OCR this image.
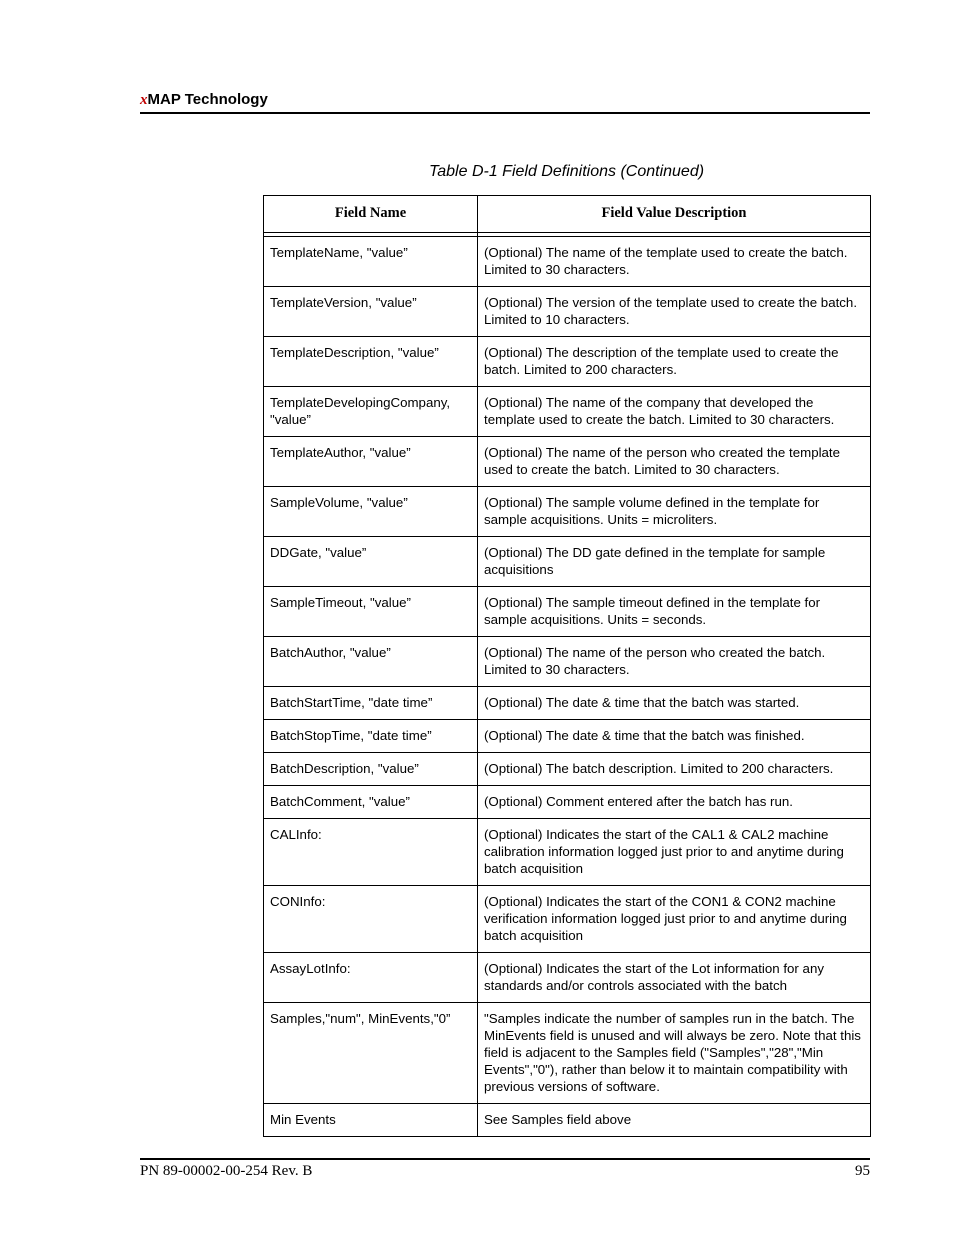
xMAP Technology
Table D-1 Field Definitions (Continued)
Field Name	Field Value Description

TemplateName, "value”	(Optional) The name of the template used to create the batch. Limited to 30 characters.
TemplateVersion, "value”	(Optional) The version of the template used to create the batch. Limited to 10 characters.
TemplateDescription, "value”	(Optional) The description of the template used to create the batch. Limited to 200 characters.
TemplateDevelopingCompany, "value”	(Optional) The name of the company that developed the template used to create the batch. Limited to 30 characters.
TemplateAuthor, "value”	(Optional) The name of the person who created the template used to create the batch. Limited to 30 characters.
SampleVolume, "value”	(Optional) The sample volume defined in the template for sample acquisitions. Units = microliters.
DDGate, "value”	(Optional) The DD gate defined in the template for sample acquisitions
SampleTimeout, "value”	(Optional) The sample timeout defined in the template for sample acquisitions. Units = seconds.
BatchAuthor, "value”	(Optional) The name of the person who created the batch. Limited to 30 characters.
BatchStartTime, "date time”	(Optional) The date & time that the batch was started.
BatchStopTime, "date time”	(Optional) The date & time that the batch was finished.
BatchDescription, "value”	(Optional) The batch description. Limited to 200 characters.
BatchComment, "value”	(Optional) Comment entered after the batch has run.
CALInfo:	(Optional) Indicates the start of the CAL1 & CAL2 machine calibration information logged just prior to and anytime during batch acquisition
CONInfo:	(Optional) Indicates the start of the CON1 & CON2 machine verification information logged just prior to and anytime during batch acquisition
AssayLotInfo:	(Optional) Indicates the start of the Lot information for any standards and/or controls associated with the batch
Samples,"num", MinEvents,"0”	"Samples indicate the number of samples run in the batch. The MinEvents field is unused and will always be zero. Note that this field is adjacent to the Samples field ("Samples","28","Min Events","0"), rather than below it to maintain compatibility with previous versions of software.
Min Events	See Samples field above
PN 89-00002-00-254 Rev. B	95
